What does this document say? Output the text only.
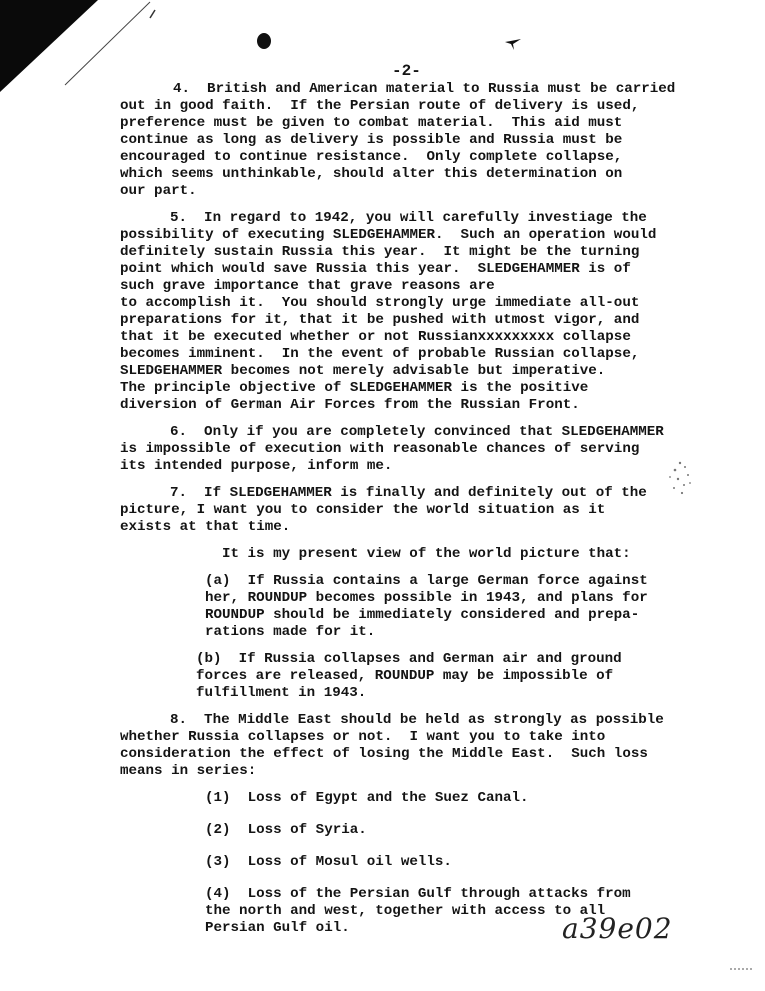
-2-
4.  British and American material to Russia must be carried
out in good faith.  If the Persian route of delivery is used,
preference must be given to combat material.  This aid must
continue as long as delivery is possible and Russia must be
encouraged to continue resistance.  Only complete collapse,
which seems unthinkable, should alter this determination on
our part.
5.  In regard to 1942, you will carefully investiage the
possibility of executing SLEDGEHAMMER.  Such an operation would
definitely sustain Russia this year.  It might be the turning
point which would save Russia this year.  SLEDGEHAMMER is of
such grave importance that grave reasons are
to accomplish it.  You should strongly urge immediate all-out
preparations for it, that it be pushed with utmost vigor, and
that it be executed whether or not Russianxxxxxxxxx collapse
becomes imminent.  In the event of probable Russian collapse,
SLEDGEHAMMER becomes not merely advisable but imperative.
The principle objective of SLEDGEHAMMER is the positive
diversion of German Air Forces from the Russian Front.
6.  Only if you are completely convinced that SLEDGEHAMMER
is impossible of execution with reasonable chances of serving
its intended purpose, inform me.
7.  If SLEDGEHAMMER is finally and definitely out of the
picture, I want you to consider the world situation as it
exists at that time.
It is my present view of the world picture that:
(a)  If Russia contains a large German force against
her, ROUNDUP becomes possible in 1943, and plans for
ROUNDUP should be immediately considered and prepa-
rations made for it.
(b)  If Russia collapses and German air and ground
forces are released, ROUNDUP may be impossible of
fulfillment in 1943.
8.  The Middle East should be held as strongly as possible
whether Russia collapses or not.  I want you to take into
consideration the effect of losing the Middle East.  Such loss
means in series:
(1)  Loss of Egypt and the Suez Canal.
(2)  Loss of Syria.
(3)  Loss of Mosul oil wells.
(4)  Loss of the Persian Gulf through attacks from
the north and west, together with access to all
Persian Gulf oil.	a39e02
